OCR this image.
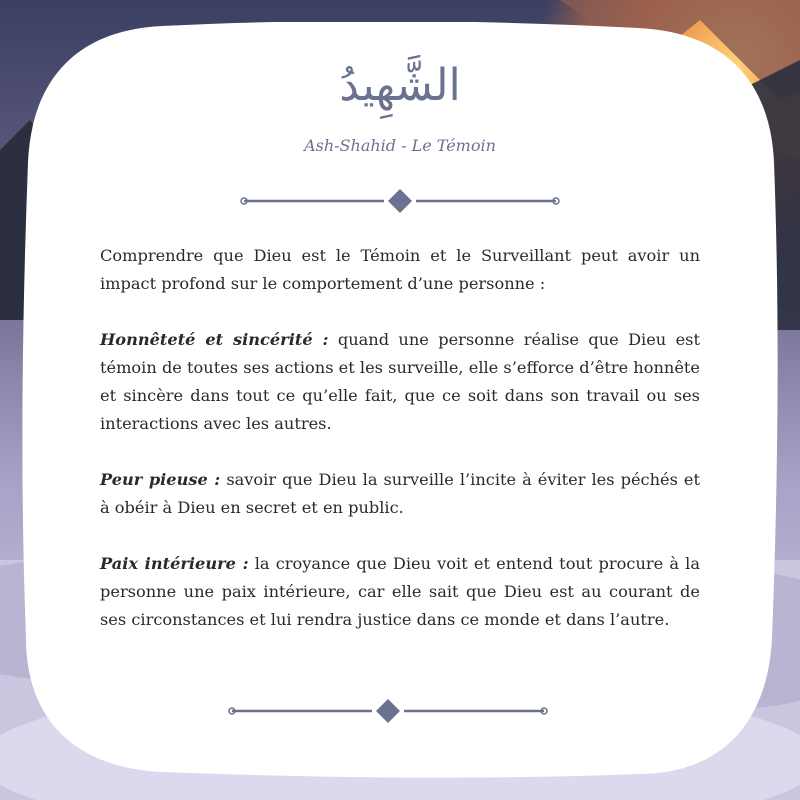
الشَّهِيدُ
Ash-Shahid - Le Témoin

Comprendre que Dieu est le Témoin et le Surveillant peut avoir un impact profond sur le comportement d’une personne :

Honnêteté et sincérité : quand une personne réalise que Dieu est témoin de toutes ses actions et les surveille, elle s’efforce d’être honnête et sincère dans tout ce qu’elle fait, que ce soit dans son travail ou ses interactions avec les autres.

Peur pieuse : savoir que Dieu la surveille l’incite à éviter les péchés et à obéir à Dieu en secret et en public.

Paix intérieure : la croyance que Dieu voit et entend tout procure à la personne une paix intérieure, car elle sait que Dieu est au courant de ses circonstances et lui rendra justice dans ce monde et dans l’autre.
